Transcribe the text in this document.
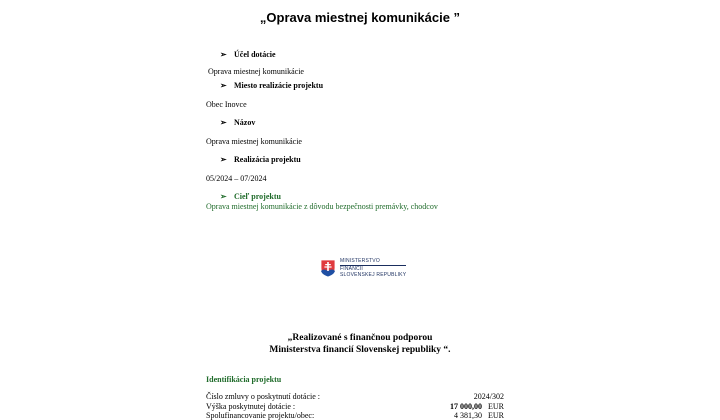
„Oprava miestnej komunikácie ”
➢ Účel dotácie
Oprava miestnej komunikácie
➢ Miesto realizácie projektu
Obec Inovce
➢ Názov
Oprava miestnej komunikácie
➢ Realizácia projektu
05/2024 – 07/2024
➢ Cieľ projektu
Oprava miestnej komunikácie z dôvodu bezpečnosti premávky, chodcov
MINISTERSTVO
FINANCIÍ
SLOVENSKEJ REPUBLIKY
„Realizované s finančnou podporou
Ministerstva financií Slovenskej republiky “.
Identifikácia projektu
Číslo zmluvy o poskytnutí dotácie :	2024/302
Výška poskytnutej dotácie :	17 000,00 EUR
Spolufinancovanie projektu/obec:	4 381,30 EUR
